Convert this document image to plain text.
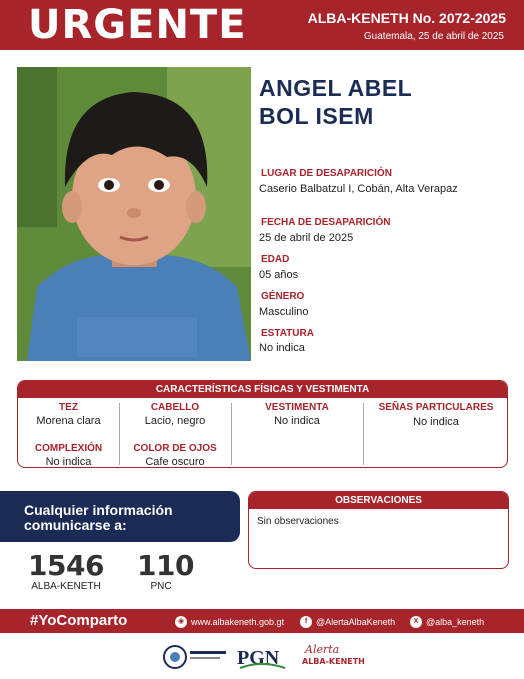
URGENTE	ALBA-KENETH No. 2072-2025
Guatemala, 25 de abril de 2025
ANGEL ABEL
BOL ISEM
LUGAR DE DESAPARICIÓN
Caserio Balbatzul I, Cobán, Alta Verapaz
FECHA DE DESAPARICIÓN
25 de abril de 2025
EDAD
05 años
GÉNERO
Masculino
ESTATURA
No indica
CARACTERÍSTICAS FÍSICAS Y VESTIMENTA
TEZ
Morena clara
CABELLO
Lacio, negro
VESTIMENTA
No indica
SEÑAS PARTICULARES
No indica
COMPLEXIÓN
No indica
COLOR DE OJOS
Cafe oscuro
Cualquier información
comunicarse a:
1546
ALBA-KENETH
110
PNC
OBSERVACIONES
Sin observaciones
#YoComparto	◉ www.albakeneth.gob.gt	f @AlertaAlbaKeneth	X @alba_keneth
PGN Alerta
ALBA-KENETH
